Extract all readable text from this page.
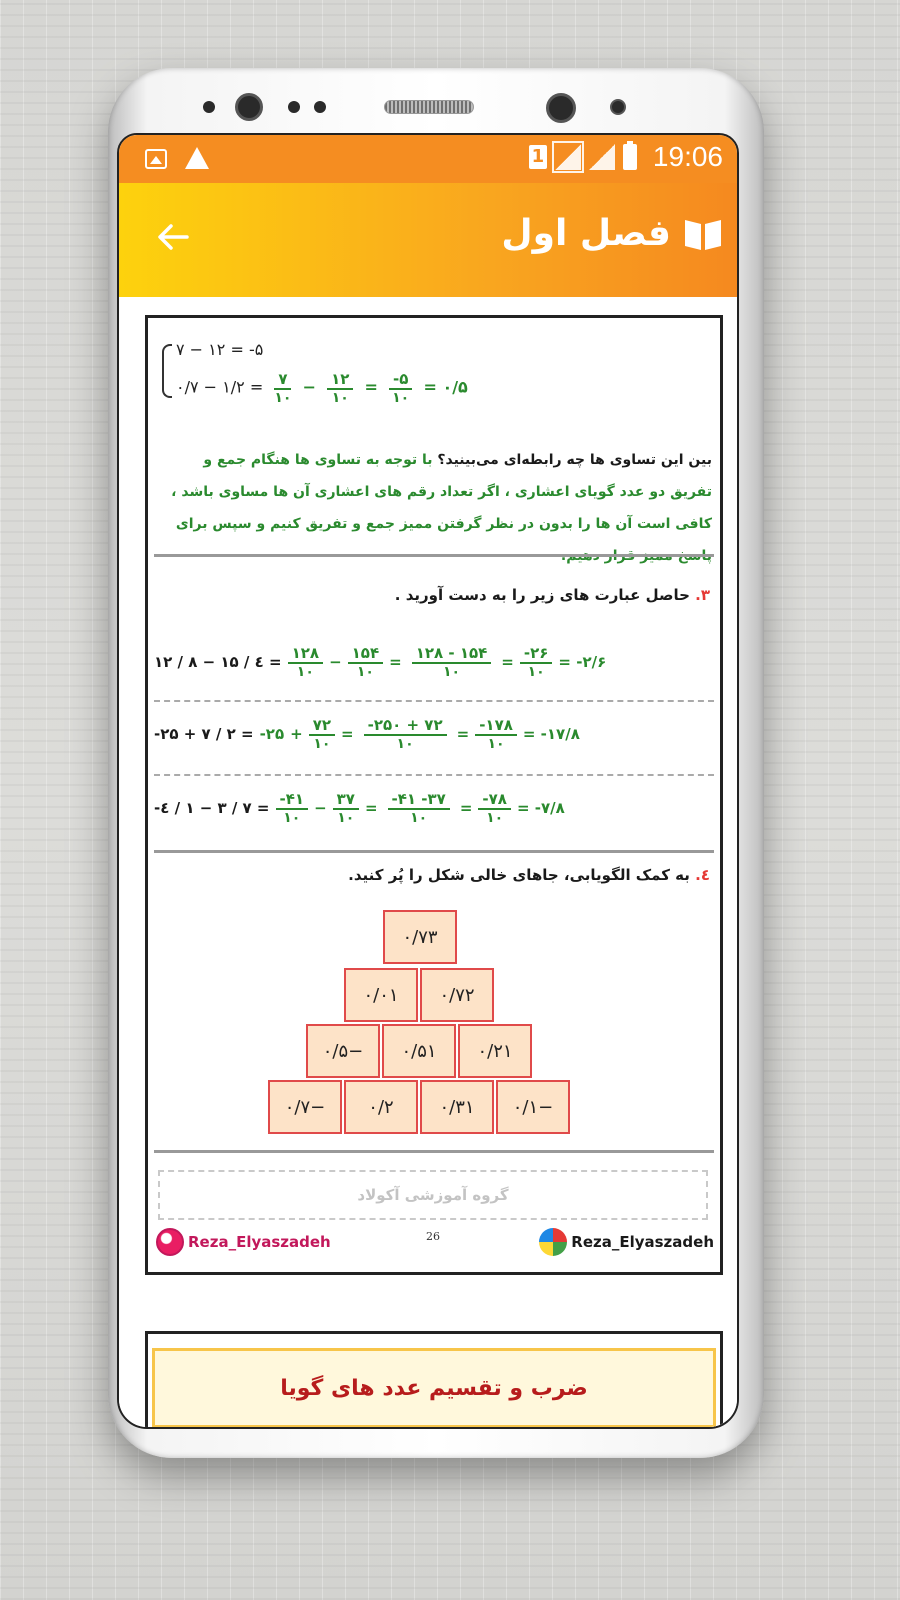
1	19:06
فصل اول
۷ − ۱۲ = -۵
۰/۷ − ۱/۲ = $\frac{۷}{۱۰} - \frac{۱۲}{۱۰} = \frac{-۵}{۱۰}$ = ۰/۵
بین این تساوی ها چه رابطه‌ای می‌بینید؟ با توجه به تساوی ها هنگام جمع و تفریق دو عدد گویای اعشاری ، اگر تعداد رقم های اعشاری آن ها مساوی باشد ، کافی است آن ها را بدون در نظر گرفتن ممیز جمع و تفریق کنیم و سپس برای پاسخ ممیز قرار دهیم.
۳. حاصل عبارت های زیر را به دست آورید .
۱۲ / ۸ − ۱۵ / ٤ = $\frac{۱۲۸}{۱۰} - \frac{۱۵۴}{۱۰} = \frac{۱۲۸ - ۱۵۴}{۱۰} = \frac{-۲۶}{۱۰}$ = -۲/۶
-۲۵ + ۷ / ۲ = -۲۵ + $\frac{۷۲}{۱۰} = \frac{-۲۵۰ + ۷۲}{۱۰} = \frac{-۱۷۸}{۱۰}$ = -۱۷/۸
-٤ / ۱ − ۳ / ۷ = $\frac{-۴۱}{۱۰} - \frac{۳۷}{۱۰} = \frac{-۴۱ -۳۷}{۱۰} = \frac{-۷۸}{۱۰}$ = -۷/۸
٤. به کمک الگویابی، جاهای خالی شکل را پُر کنید.
۰/۷۳
۰/۷۲
۰/۰۱
−۰/۵	۰/۵۱	۰/۲۱
−۰/۷	۰/۲	۰/۳۱	−۰/۱
گروه آموزشی آکولاد
26
Reza_Elyaszadeh	Reza_Elyaszadeh
ضرب و تقسیم عدد های گویا
